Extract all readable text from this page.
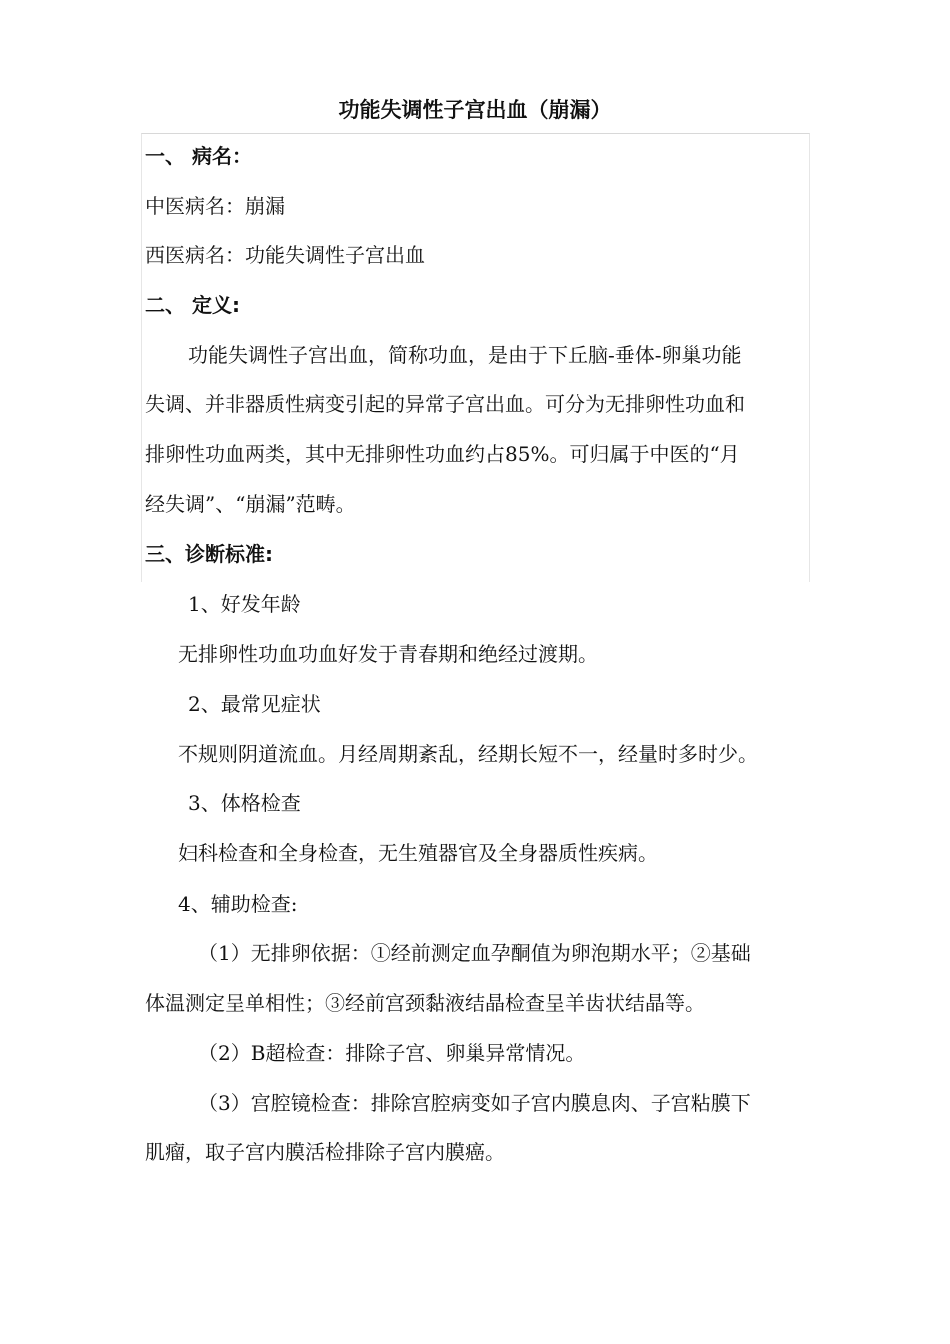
功能失调性子宫出血（崩漏）
一、 病名：
中医病名：崩漏
西医病名：功能失调性子宫出血
二、 定义:
功能失调性子宫出血，简称功血，是由于下丘脑-垂体-卵巢功能
失调、并非器质性病变引起的异常子宫出血。可分为无排卵性功血和
排卵性功血两类，其中无排卵性功血约占85%。可归属于中医的“月
经失调”、“崩漏”范畴。
三、诊断标准:
1、好发年龄
无排卵性功血功血好发于青春期和绝经过渡期。
2、最常见症状
不规则阴道流血。月经周期紊乱，经期长短不一，经量时多时少。
3、体格检查
妇科检查和全身检查，无生殖器官及全身器质性疾病。
4、辅助检查:
（1）无排卵依据：①经前测定血孕酮值为卵泡期水平；②基础
体温测定呈单相性；③经前宫颈黏液结晶检查呈羊齿状结晶等。
（2）B超检查：排除子宫、卵巢异常情况。
（3）宫腔镜检查：排除宫腔病变如子宫内膜息肉、子宫粘膜下
肌瘤，取子宫内膜活检排除子宫内膜癌。
